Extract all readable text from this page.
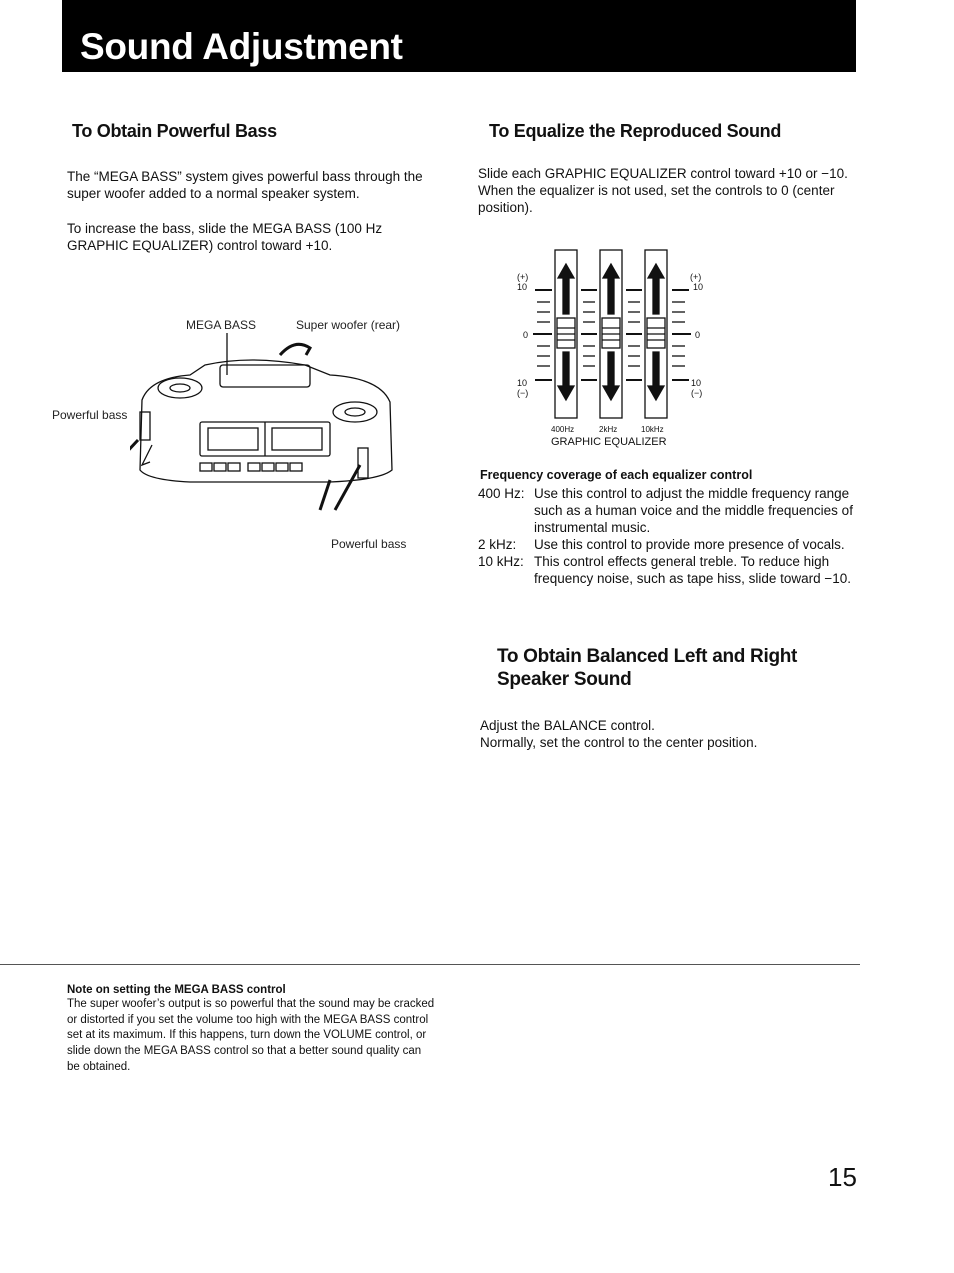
Sound Adjustment
To Obtain Powerful Bass
The “MEGA BASS” system gives powerful bass through the super woofer added to a normal speaker system.
To increase the bass, slide the MEGA BASS (100 Hz GRAPHIC EQUALIZER) control toward +10.
MEGA BASS	Super woofer (rear)
Powerful bass
Powerful bass
To Equalize the Reproduced Sound
Slide each GRAPHIC EQUALIZER control toward +10 or −10. When the equalizer is not used, set the controls to 0 (center position).
(+)	(+)
10	10
0	0
10	10
(−)	(−)
400Hz	2kHz	10kHz
GRAPHIC EQUALIZER
Frequency coverage of each equalizer control
400 Hz: Use this control to adjust the middle frequency range such as a human voice and the middle frequencies of instrumental music.
2 kHz:	Use this control to provide more presence of vocals.
10 kHz: This control effects general treble. To reduce high frequency noise, such as tape hiss, slide toward −10.
To Obtain Balanced Left and Right Speaker Sound
Adjust the BALANCE control.
Normally, set the control to the center position.
Note on setting the MEGA BASS control
The super woofer’s output is so powerful that the sound may be cracked or distorted if you set the volume too high with the MEGA BASS control set at its maximum. If this happens, turn down the VOLUME control, or slide down the MEGA BASS control so that a better sound quality can be obtained.
15
